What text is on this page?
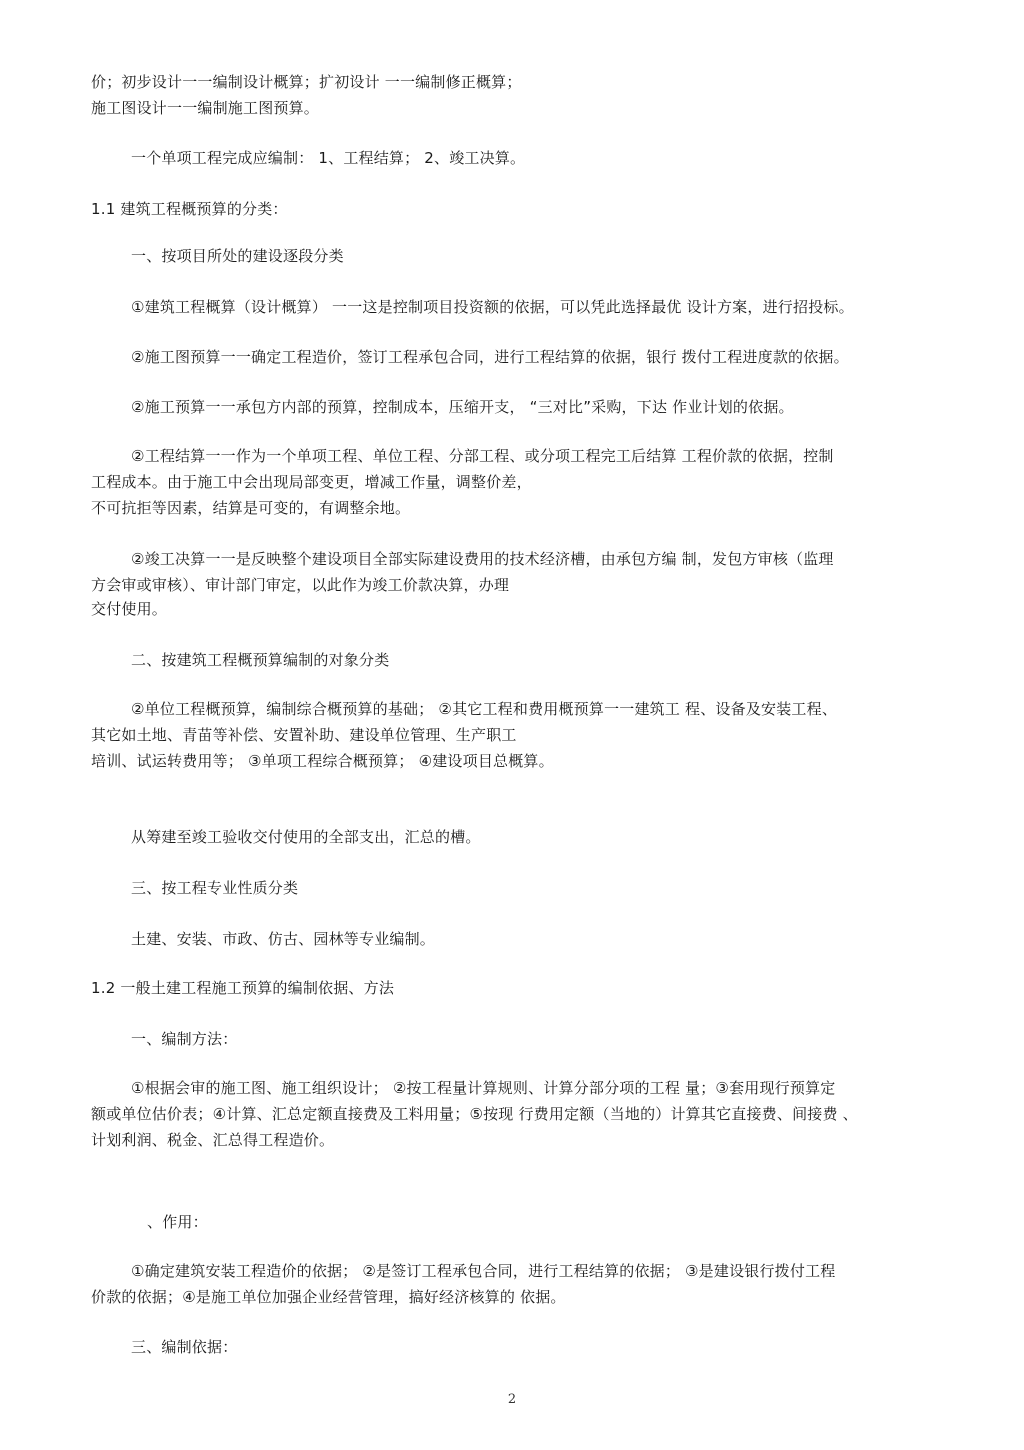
价；初步设计一一编制设计概算；扩初设计 一一编制修正概算；
施工图设计一一编制施工图预算。
一个单项工程完成应编制： 1、工程结算； 2、竣工决算。
1.1 建筑工程概预算的分类：
一、按项目所处的建设逐段分类
①建筑工程概算（设计概算） 一一这是控制项目投资额的依据，可以凭此选择最优 设计方案，进行招投标。
②施工图预算一一确定工程造价，签订工程承包合同，进行工程结算的依据，银行 拨付工程进度款的依据。
②施工预算一一承包方内部的预算，控制成本，压缩开支， “三对比”采购，下达 作业计划的依据。
②工程结算一一作为一个单项工程、单位工程、分部工程、或分项工程完工后结算 工程价款的依据，控制
工程成本。由于施工中会出现局部变更，增减工作量，调整价差，
不可抗拒等因素，结算是可变的，有调整余地。
②竣工决算一一是反映整个建设项目全部实际建设费用的技术经济槽，由承包方编 制，发包方审核（监理
方会审或审核）、审计部门审定，以此作为竣工价款决算，办理
交付使用。
二、按建筑工程概预算编制的对象分类
②单位工程概预算，编制综合概预算的基础； ②其它工程和费用概预算一一建筑工 程、设备及安装工程、
其它如土地、青苗等补偿、安置补助、建设单位管理、生产职工
培训、试运转费用等； ③单项工程综合概预算； ④建设项目总概算。
从筹建至竣工验收交付使用的全部支出，汇总的槽。
三、按工程专业性质分类
土建、安装、市政、仿古、园林等专业编制。
1.2 一般土建工程施工预算的编制依据、方法
一、编制方法：
①根据会审的施工图、施工组织设计； ②按工程量计算规则、计算分部分项的工程 量；③套用现行预算定
额或单位估价表；④计算、汇总定额直接费及工料用量；⑤按现 行费用定额（当地的）计算其它直接费、间接费 、
计划利润、税金、汇总得工程造价。
、作用：
①确定建筑安装工程造价的依据； ②是签订工程承包合同，进行工程结算的依据； ③是建设银行拨付工程
价款的依据；④是施工单位加强企业经营管理，搞好经济核算的 依据。
三、编制依据：
2
